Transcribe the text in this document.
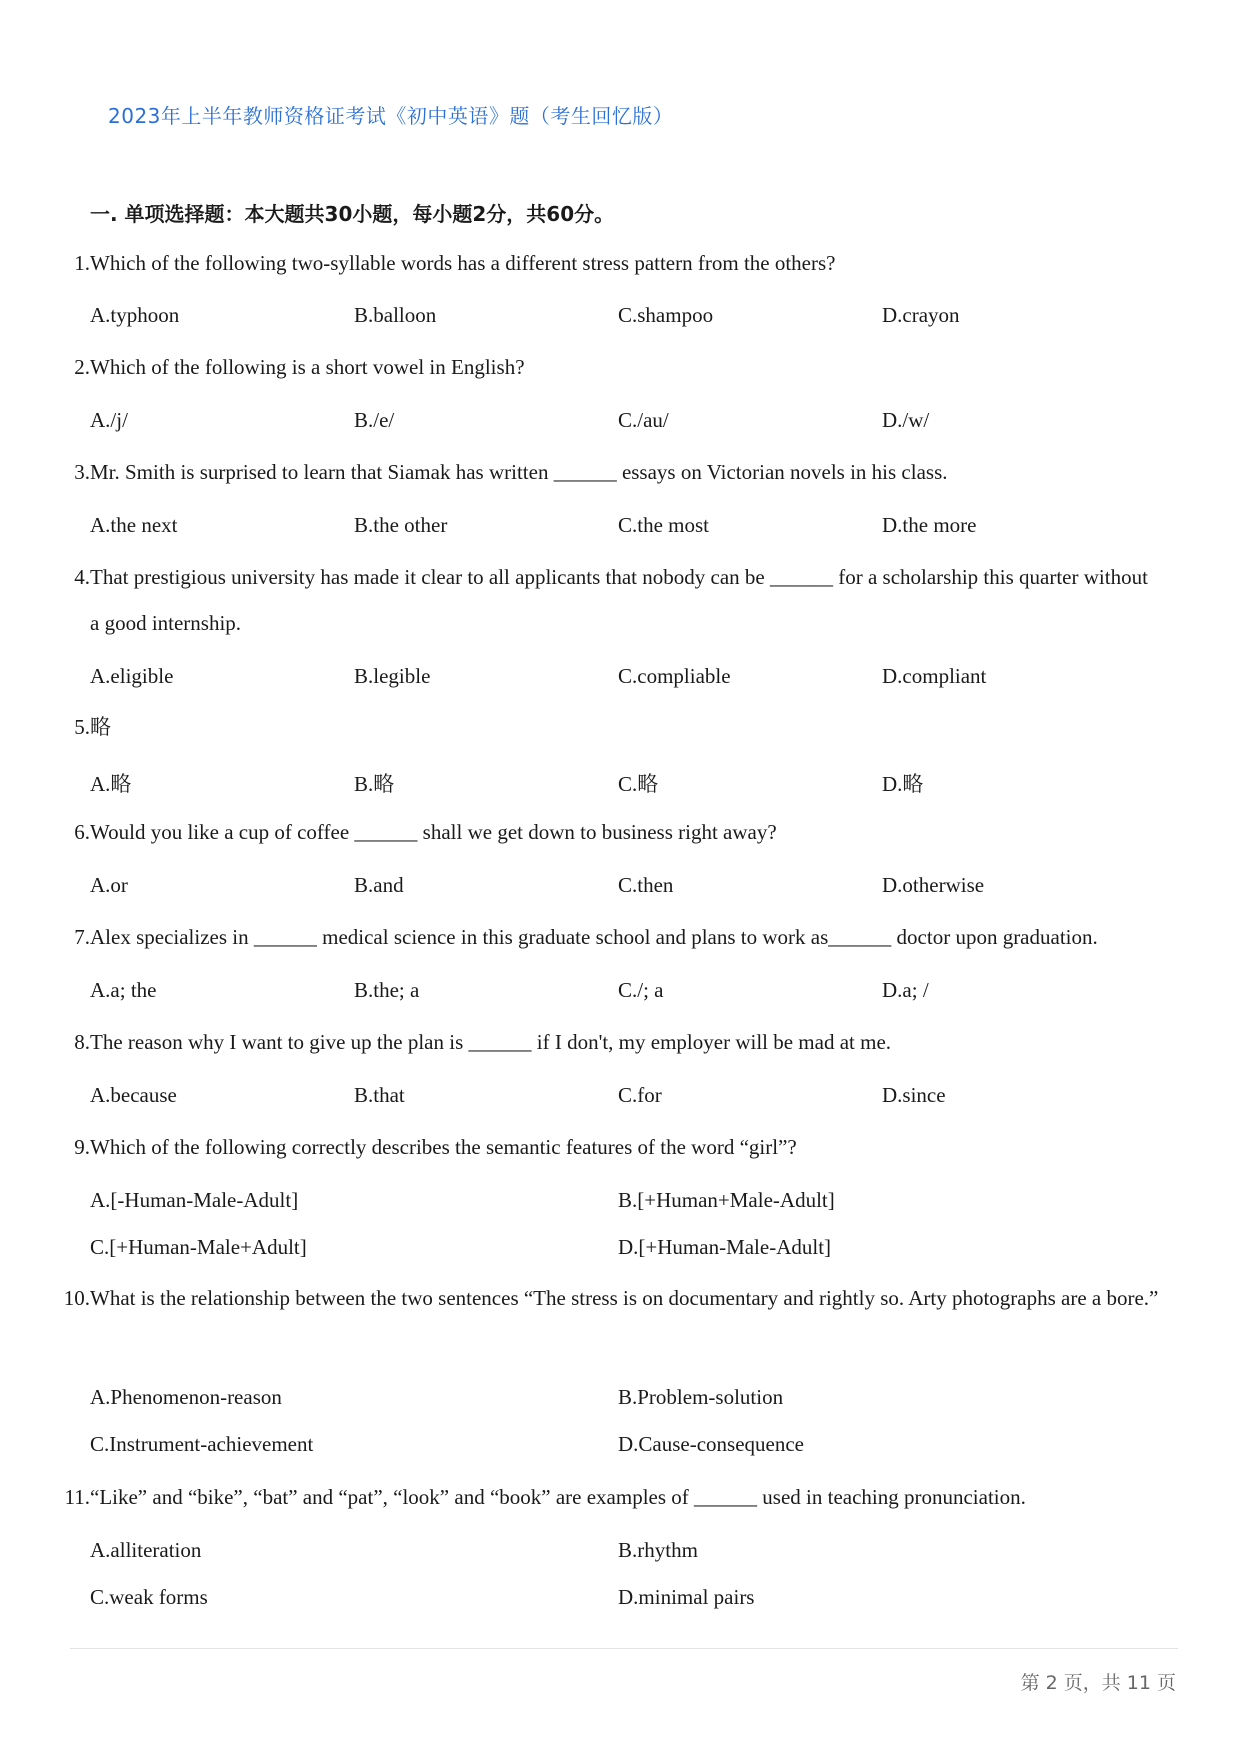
2023年上半年教师资格证考试《初中英语》题（考生回忆版）
一. 单项选择题：本大题共30小题，每小题2分，共60分。
1. Which of the following two-syllable words has a different stress pattern from the others?
A.typhoon	B.balloon	C.shampoo	D.crayon
2. Which of the following is a short vowel in English?
A./j/	B./e/	C./au/	D./w/
3. Mr. Smith is surprised to learn that Siamak has written ______ essays on Victorian novels in his class.
A.the next	B.the other	C.the most	D.the more
4. That prestigious university has made it clear to all applicants that nobody can be ______ for a scholarship this quarter without a good internship.
A.eligible	B.legible	C.compliable	D.compliant
5. 略
A.略	B.略	C.略	D.略
6. Would you like a cup of coffee ______ shall we get down to business right away?
A.or	B.and	C.then	D.otherwise
7. Alex specializes in ______ medical science in this graduate school and plans to work as______ doctor upon graduation.
A.a; the	B.the; a	C./; a	D.a; /
8. The reason why I want to give up the plan is ______ if I don't, my employer will be mad at me.
A.because	B.that	C.for	D.since
9. Which of the following correctly describes the semantic features of the word “girl”?
A.[-Human-Male-Adult]	B.[+Human+Male-Adult]
C.[+Human-Male+Adult]	D.[+Human-Male-Adult]
10. What is the relationship between the two sentences “The stress is on documentary and rightly so. Arty photographs are a bore.”
A.Phenomenon-reason	B.Problem-solution
C.Instrument-achievement	D.Cause-consequence
11. “Like” and “bike”, “bat” and “pat”, “look” and “book” are examples of ______ used in teaching pronunciation.
A.alliteration	B.rhythm
C.weak forms	D.minimal pairs
第 2 页，共 11 页
